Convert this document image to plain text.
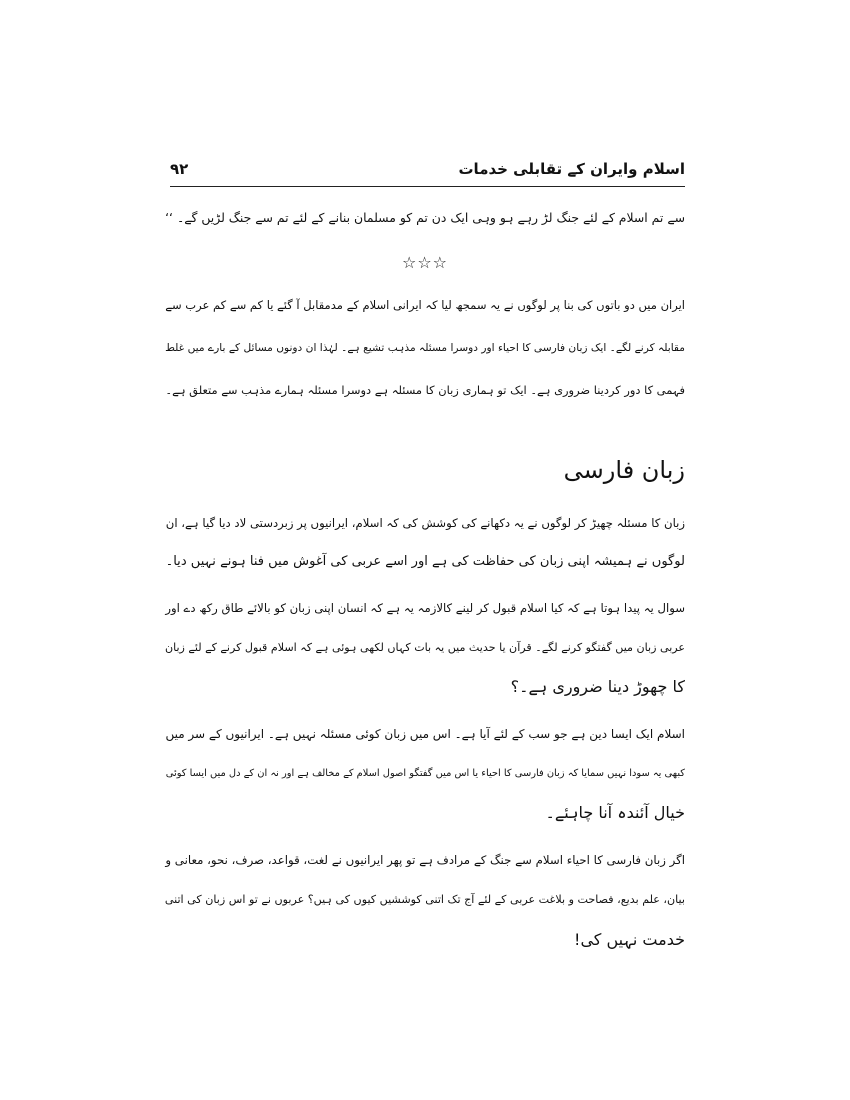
اسلام وایران کے تقابلی خدمات
۹۲
سے تم اسلام کے لئے جنگ لڑ رہے ہو وہی ایک دن تم کو مسلمان بنانے کے لئے تم سے جنگ لڑیں گے۔ ‘‘
☆☆☆
ایران میں دو باتوں کی بنا پر لوگوں نے یہ سمجھ لیا کہ ایرانی اسلام کے مدمقابل آ گئے یا کم سے کم عرب سے
مقابلہ کرنے لگے۔ ایک زبان فارسی کا احیاء اور دوسرا مسئلہ مذہب تشیع ہے۔ لہٰذا ان دونوں مسائل کے بارے میں غلط
فہمی کا دور کردینا ضروری ہے۔ ایک تو ہماری زبان کا مسئلہ ہے دوسرا مسئلہ ہمارے مذہب سے متعلق ہے۔
زبان فارسی
زبان کا مسئلہ چھیڑ کر لوگوں نے یہ دکھانے کی کوشش کی کہ اسلام، ایرانیوں پر زبردستی لاد دیا گیا ہے، ان
لوگوں نے ہمیشہ اپنی زبان کی حفاظت کی ہے اور اسے عربی کی آغوش میں فنا ہونے نہیں دیا۔
سوال یہ پیدا ہوتا ہے کہ کیا اسلام قبول کر لینے کالازمہ یہ ہے کہ انسان اپنی زبان کو بالائے طاق رکھ دے اور
عربی زبان میں گفتگو کرنے لگے۔ قرآن یا حدیث میں یہ بات کہاں لکھی ہوئی ہے کہ اسلام قبول کرنے کے لئے زبان
کا چھوڑ دینا ضروری ہے۔؟
اسلام ایک ایسا دین ہے جو سب کے لئے آیا ہے۔ اس میں زبان کوئی مسئلہ نہیں ہے۔ ایرانیوں کے سر میں
کبھی یہ سودا نہیں سمایا کہ زبان فارسی کا احیاء یا اس میں گفتگو اصول اسلام کے مخالف ہے اور نہ ان کے دل میں ایسا کوئی
خیال آئندہ آنا چاہئے۔
اگر زبان فارسی کا احیاء اسلام سے جنگ کے مرادف ہے تو پھر ایرانیوں نے لغت، قواعد، صرف، نحو، معانی و
بیان، علم بدیع، فصاحت و بلاغت عربی کے لئے آج تک اتنی کوششیں کیوں کی ہیں؟ عربوں نے تو اس زبان کی اتنی
خدمت نہیں کی!
